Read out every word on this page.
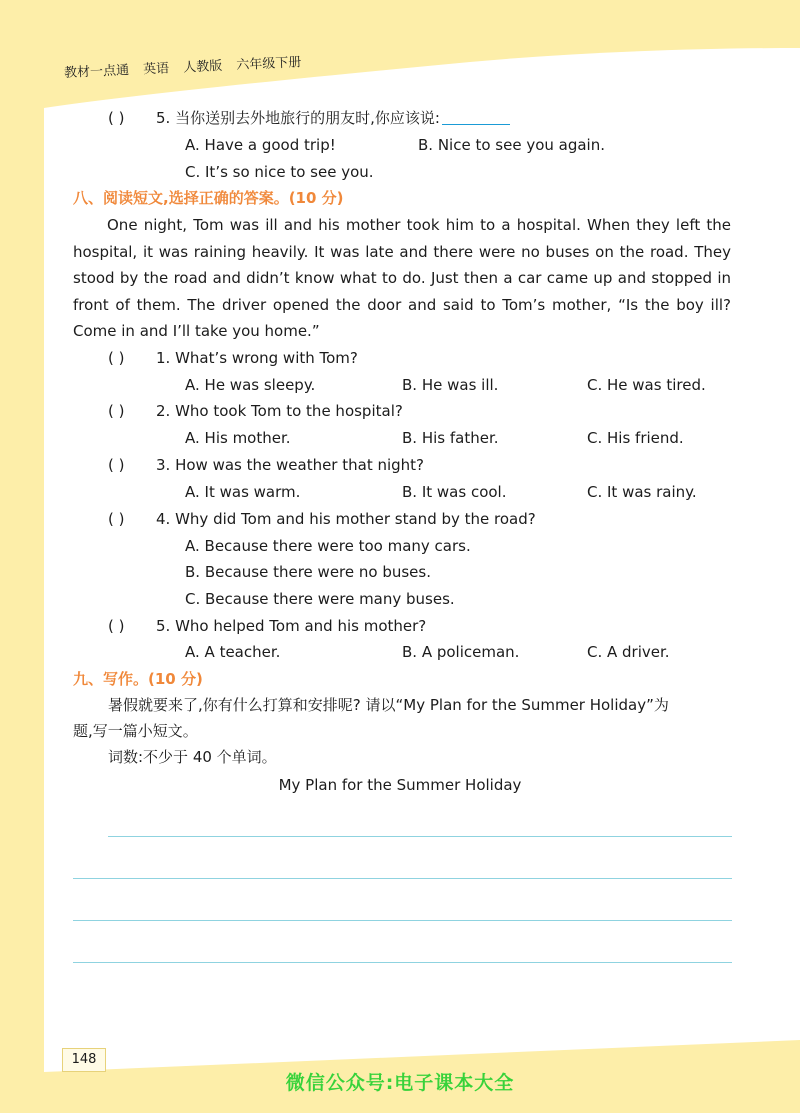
教材一点通 英语 人教版 六年级下册
( ) 5. 当你送别去外地旅行的朋友时,你应该说:
A. Have a good trip!	B. Nice to see you again.
C. It’s so nice to see you.
八、阅读短文,选择正确的答案。(10 分)
One night, Tom was ill and his mother took him to a hospital. When they left the hospital, it was raining heavily. It was late and there were no buses on the road. They stood by the road and didn’t know what to do. Just then a car came up and stopped in front of them. The driver opened the door and said to Tom’s mother, “Is the boy ill? Come in and I’ll take you home.”
( ) 1. What’s wrong with Tom?
A. He was sleepy.	B. He was ill.	C. He was tired.
( ) 2. Who took Tom to the hospital?
A. His mother.	B. His father.	C. His friend.
( ) 3. How was the weather that night?
A. It was warm.	B. It was cool.	C. It was rainy.
( ) 4. Why did Tom and his mother stand by the road?
A. Because there were too many cars.
B. Because there were no buses.
C. Because there were many buses.
( ) 5. Who helped Tom and his mother?
A. A teacher.	B. A policeman.	C. A driver.
九、写作。(10 分)
暑假就要来了,你有什么打算和安排呢? 请以“My Plan for the Summer Holiday”为
题,写一篇小短文。
词数:不少于 40 个单词。
My Plan for the Summer Holiday
148
微信公众号:电子课本大全
